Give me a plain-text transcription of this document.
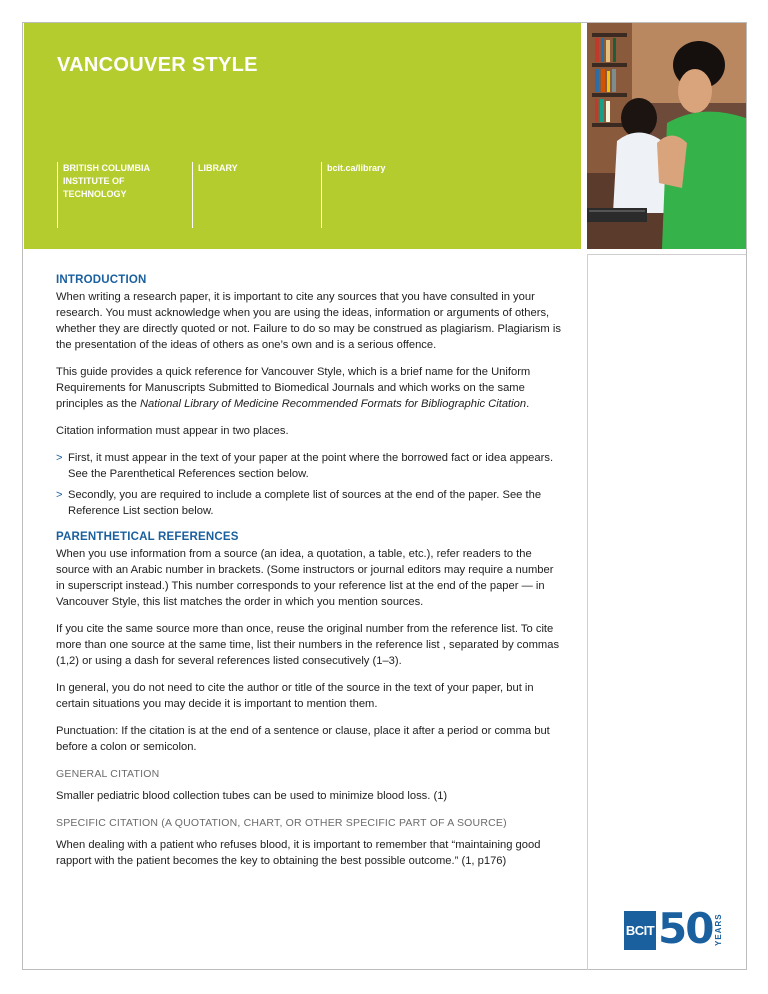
VANCOUVER STYLE
BRITISH COLUMBIA INSTITUTE OF TECHNOLOGY
LIBRARY	bcit.ca/library
INTRODUCTION

When writing a research paper, it is important to cite any sources that you have consulted in your research. You must acknowledge when you are using the ideas, information or arguments of others, whether they are directly quoted or not. Failure to do so may be construed as plagiarism. Plagiarism is the presentation of the ideas of others as one’s own and is a serious offence.

This guide provides a quick reference for Vancouver Style, which is a brief name for the Uniform Requirements for Manuscripts Submitted to Biomedical Journals and which works on the same principles as the National Library of Medicine Recommended Formats for Bibliographic Citation.

Citation information must appear in two places.

> First, it must appear in the text of your paper at the point where the borrowed fact or idea appears. See the Parenthetical References section below.
> Secondly, you are required to include a complete list of sources at the end of the paper. See the Reference List section below.
PARENTHETICAL REFERENCES

When you use information from a source (an idea, a quotation, a table, etc.), refer readers to the source with an Arabic number in brackets. (Some instructors or journal editors may require a number in superscript instead.) This number corresponds to your reference list at the end of the paper — in Vancouver Style, this list matches the order in which you mention sources.

If you cite the same source more than once, reuse the original number from the reference list. To cite more than one source at the same time, list their numbers in the reference list , separated by commas (1,2) or using a dash for several references listed consecutively (1–3).

In general, you do not need to cite the author or title of the source in the text of your paper, but in certain situations you may decide it is important to mention them.

Punctuation: If the citation is at the end of a sentence or clause, place it after a period or comma but before a colon or semicolon.

GENERAL CITATION

Smaller pediatric blood collection tubes can be used to minimize blood loss. (1)

SPECIFIC CITATION (A QUOTATION, CHART, OR OTHER SPECIFIC PART OF A SOURCE)

When dealing with a patient who refuses blood, it is important to remember that “maintaining good rapport with the patient becomes the key to obtaining the best possible outcome.” (1, p176)

BCIT 50 YEARS
